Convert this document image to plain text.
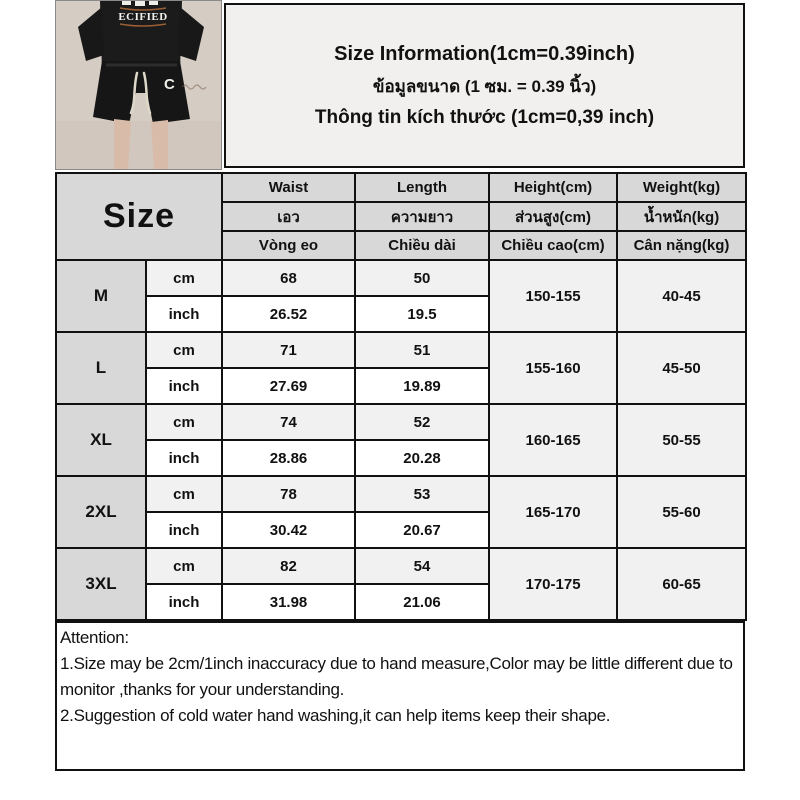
ECIFIED
C
Size Information(1cm=0.39inch)
ข้อมูลขนาด (1 ซม. = 0.39 นิ้ว)
Thông tin kích thước (1cm=0,39 inch)
Size		Waist	Length	Height(cm)	Weight(kg)
		เอว	ความยาว	ส่วนสูง(cm)	น้ำหนัก(kg)
		Vòng eo	Chiều dài	Chiều cao(cm)	Cân nặng(kg)
M	cm	68	50	150-155	40-45
	inch	26.52	19.5		
L	cm	71	51	155-160	45-50
	inch	27.69	19.89		
XL	cm	74	52	160-165	50-55
	inch	28.86	20.28		
2XL	cm	78	53	165-170	55-60
	inch	30.42	20.67		
3XL	cm	82	54	170-175	60-65
	inch	31.98	21.06		
Attention:
1.Size may be 2cm/1inch inaccuracy due to hand measure,Color may be little different due to monitor ,thanks for your understanding.
2.Suggestion of cold water hand washing,it can help items keep their shape.
